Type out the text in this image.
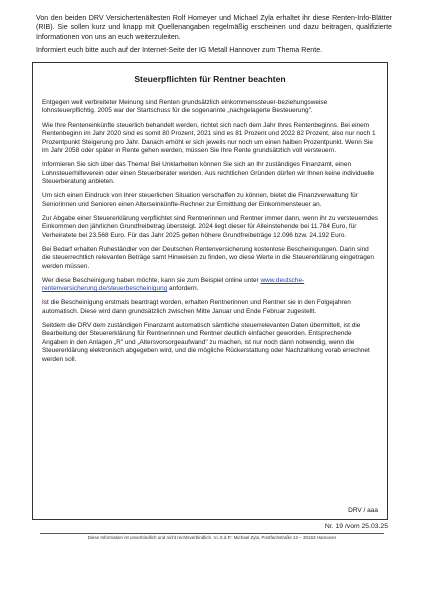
Von den beiden DRV Versichertenältesten Rolf Homeyer und Michael Zyla erhaltet ihr diese Renten-Info-Blätter (RIB). Sie sollen kurz und knapp mit Quellenangaben regelmäßig erscheinen und dazu beitragen, qualifizierte Informationen von uns an euch weiterzuleiten.

Informiert euch bitte auch auf der Internet-Seite der IG Metall Hannover zum Thema Rente.

Steuerpflichten für Rentner beachten

Entgegen weit verbreiteter Meinung sind Renten grundsätzlich einkommenssteuer-beziehungsweise lohnsteuerpflichtig. 2005 war der Startschuss für die sogenannte „nachgelagerte Besteuerung".

Wie Ihre Renteneinkünfte steuerlich behandelt werden, richtet sich nach dem Jahr Ihres Rentenbeginns. Bei einem Rentenbeginn im Jahr 2020 sind es somit 80 Prozent, 2021 sind es 81 Prozent und 2022 82 Prozent, also nur noch 1 Prozentpunkt Steigerung pro Jahr. Danach erhöht er sich jeweils nur noch um einen halben Prozentpunkt. Wenn Sie im Jahr 2058 oder später in Rente gehen werden, müssen Sie Ihre Rente grundsätzlich voll versteuern.

Informieren Sie sich über das Thema! Bei Unklarheiten können Sie sich an Ihr zuständiges Finanzamt, einen Lohnsteuerhilfeverein oder einen Steuerberater wenden. Aus rechtlichen Gründen dürfen wir Ihnen keine individuelle Steuerberatung anbieten.

Um sich einen Eindruck von Ihrer steuerlichen Situation verschaffen zu können, bietet die Finanzverwaltung für Seniorinnen und Senioren einen Alterseinkünfte-Rechner zur Ermittlung der Einkommensteuer an.

Zur Abgabe einer Steuererklärung verpflichtet sind Rentnerinnen und Rentner immer dann, wenn ihr zu versteuerndes Einkommen den jährlichen Grundfreibetrag übersteigt. 2024 liegt dieser für Alleinstehende bei 11.784 Euro, für Verheiratete bei 23.568 Euro. Für das Jahr 2025 gelten höhere Grundfreibeträge 12.096 bzw. 24.192 Euro.

Bei Bedarf erhalten Ruheständler von der Deutschen Rentenversicherung kostenlose Bescheinigungen. Darin sind die steuerrechtlich relevanten Beträge samt Hinweisen zu finden, wo diese Werte in die Steuererklärung eingetragen werden müssen.

Wer diese Bescheinigung haben möchte, kann sie zum Beispiel online unter www.deutsche-rentenversicherung.de/steuerbescheinigung anfordern.

Ist die Bescheinigung erstmals beantragt worden, erhalten Rentnerinnen und Rentner sie in den Folgejahren automatisch. Diese wird dann grundsätzlich zwischen Mitte Januar und Ende Februar zugestellt.

Seitdem die DRV dem zuständigen Finanzamt automatisch sämtliche steuerrelevanten Daten übermittelt, ist die Bearbeitung der Steuererklärung für Rentnerinnen und Rentner deutlich einfacher geworden. Entsprechende Angaben in den Anlagen „R" und „Altersvorsorgeaufwand" zu machen, ist nur noch dann notwendig, wenn die Steuererklärung elektronisch abgegeben wird, und die mögliche Rückerstattung oder Nachzahlung vorab errechnet werden soll.

DRV / aaa

Nr. 19 /vom 25.03.25

Diese Information ist unverbindlich und nicht rechtsverbindlich. V.i.S.d.P.: Michael Zyla, Postfachstraße 12 – 30163 Hannover
